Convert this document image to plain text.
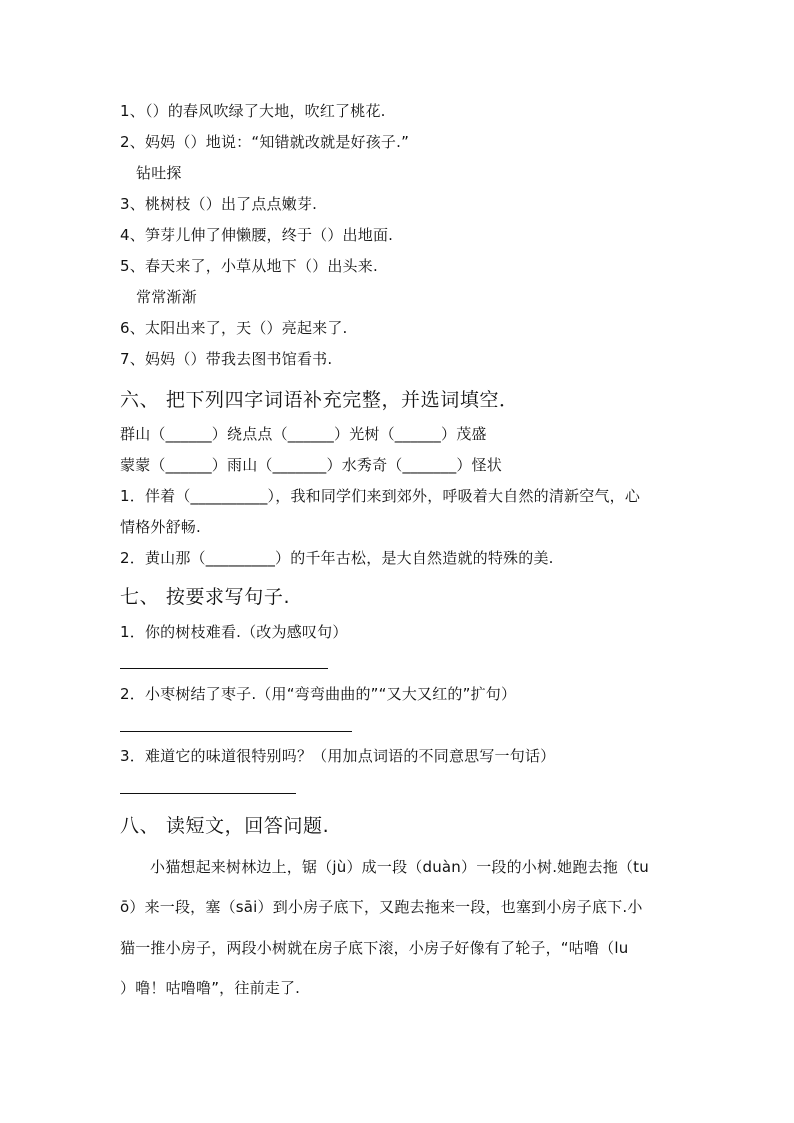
1、（）的春风吹绿了大地，吹红了桃花.
2、妈妈（）地说：“知错就改就是好孩子.”
钻吐探
3、桃树枝（）出了点点嫩芽.
4、笋芽儿伸了伸懒腰，终于（）出地面.
5、春天来了，小草从地下（）出头来.
常常渐渐
6、太阳出来了，天（）亮起来了.
7、妈妈（）带我去图书馆看书.
六、 把下列四字词语补充完整，并选词填空．
群山（______）绕点点（______）光树（______）茂盛
蒙蒙（______）雨山（_______）水秀奇（_______）怪状
1．伴着（__________），我和同学们来到郊外，呼吸着大自然的清新空气，心
情格外舒畅.
2．黄山那（_________）的千年古松，是大自然造就的特殊的美.
七、 按要求写句子.
1．你的树枝难看.（改为感叹句）
2．小枣树结了枣子.（用“弯弯曲曲的”“又大又红的”扩句）
3．难道它的味道很特别吗？（用加点词语的不同意思写一句话）
八、 读短文，回答问题.
小猫想起来树林边上，锯（jù）成一段（duàn）一段的小树.她跑去拖（tu
ō）来一段，塞（sāi）到小房子底下，又跑去拖来一段，也塞到小房子底下.小
猫一推小房子，两段小树就在房子底下滚，小房子好像有了轮子，“咕噜（lu
）噜！咕噜噜”，往前走了.
